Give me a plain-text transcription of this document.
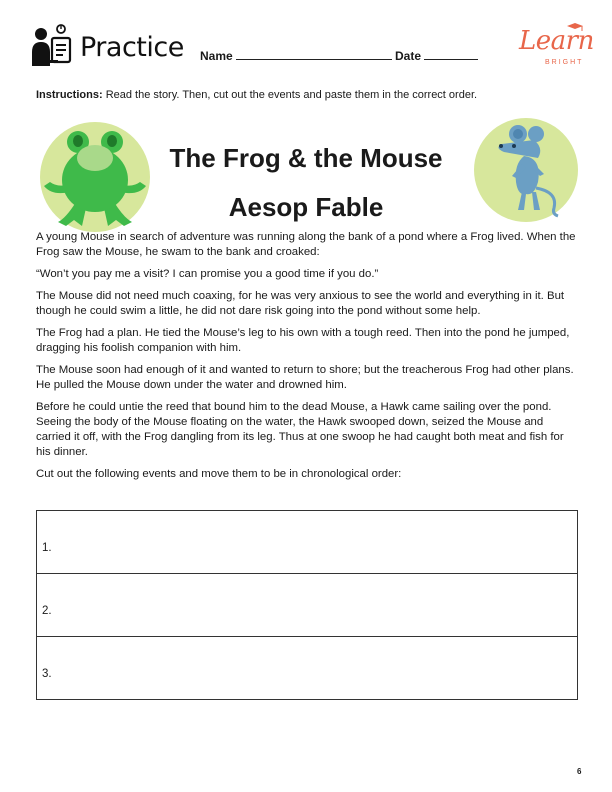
Practice Name	Date	Learn
BRIGHT
Instructions: Read the story. Then, cut out the events and paste them in the correct order.
The Frog & the Mouse
Aesop Fable

A young Mouse in search of adventure was running along the bank of a pond where a Frog lived. When the Frog saw the Mouse, he swam to the bank and croaked:

“Won’t you pay me a visit? I can promise you a good time if you do.”

The Mouse did not need much coaxing, for he was very anxious to see the world and everything in it. But though he could swim a little, he did not dare risk going into the pond without some help.

The Frog had a plan. He tied the Mouse’s leg to his own with a tough reed. Then into the pond he jumped, dragging his foolish companion with him.

The Mouse soon had enough of it and wanted to return to shore; but the treacherous Frog had other plans. He pulled the Mouse down under the water and drowned him.

Before he could untie the reed that bound him to the dead Mouse, a Hawk came sailing over the pond. Seeing the body of the Mouse floating on the water, the Hawk swooped down, seized the Mouse and carried it off, with the Frog dangling from its leg. Thus at one swoop he had caught both meat and fish for his dinner.

Cut out the following events and move them to be in chronological order:

1.
2.
3.
6
